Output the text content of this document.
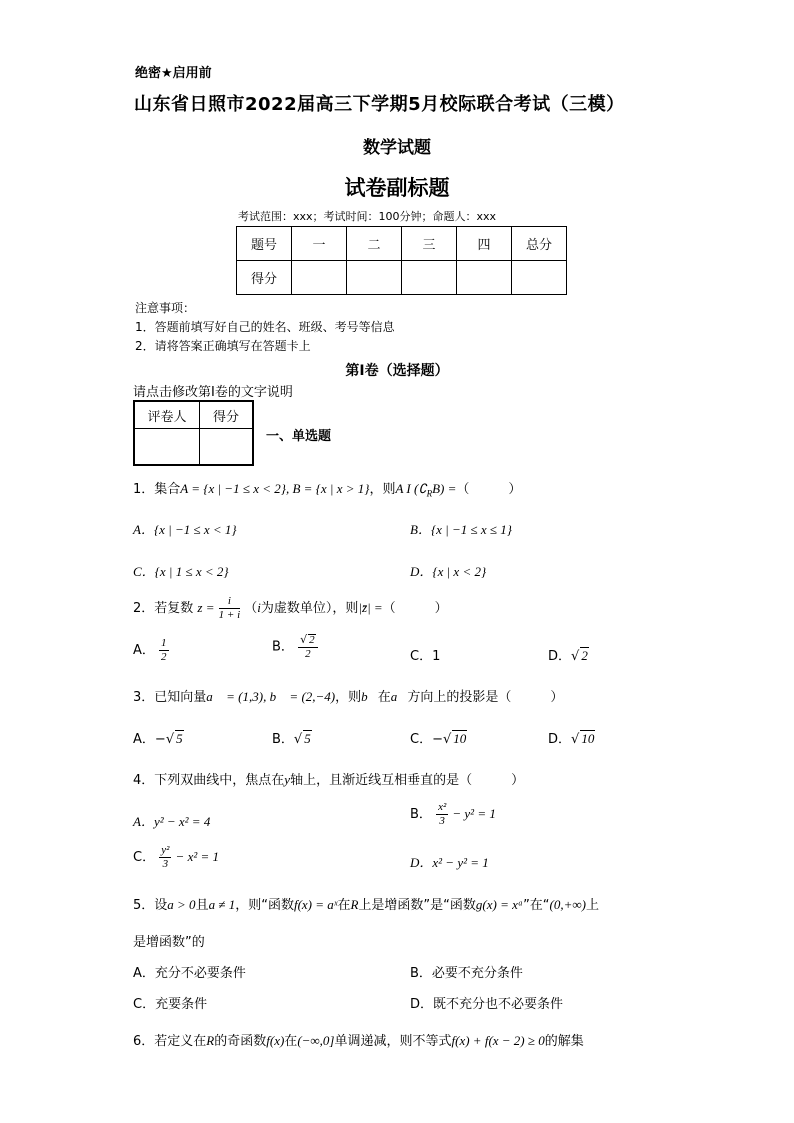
绝密★启用前
山东省日照市2022届高三下学期5月校际联合考试（三模）
数学试题
试卷副标题
考试范围：xxx；考试时间：100分钟；命题人：xxx
题号	一	二	三	四	总分
得分					
注意事项：
1．答题前填写好自己的姓名、班级、考号等信息
2．请将答案正确填写在答题卡上
第I卷（选择题）
请点击修改第I卷的文字说明
评卷人	得分

一、单选题
1．集合A = {x | −1 ≤ x < 2}, B = {x | x > 1}，则A I $(∁_RB)$ =（　　　）
A．{x | −1 ≤ x < 1}	B．{x | −1 ≤ x ≤ 1}
C．{x | 1 ≤ x < 2}	D．{x | x < 2}
2．若复数 $z = \frac{i}{1 + i} (i$为虚数单位），则|z̄| =（　　　）
A． $\frac{1}{2}$	B． $\frac{√ 2}{2}$	C．1	D．√ 2
3．已知向量a⃗ = (1,3), b⃗ = (2,−4)，则b⃗在a⃗方向上的投影是（　　　）
A．−√ 5	B．√ 5	C．−√ 10	D．√ 10
4．下列双曲线中，焦点在y轴上，且渐近线互相垂直的是（　　　）
A．y² − x² = 4	B． $\frac{\text{x²}}{3} - y^2 = 1$
C． $\frac{\text{y²}}{3} - x^2 = 1$	D．x² − y² = 1
5．设a > 0且a ≠ 1，则“函数f(x) = aˣ在R上是增函数”是“函数g(x) = xᵃ”在“(0,+∞)上
是增函数”的
A．充分不必要条件	B．必要不充分条件
C．充要条件	D．既不充分也不必要条件
6．若定义在R的奇函数f(x)在(−∞,0]单调递减，则不等式f(x) + f(x − 2) ≥ 0的解集
